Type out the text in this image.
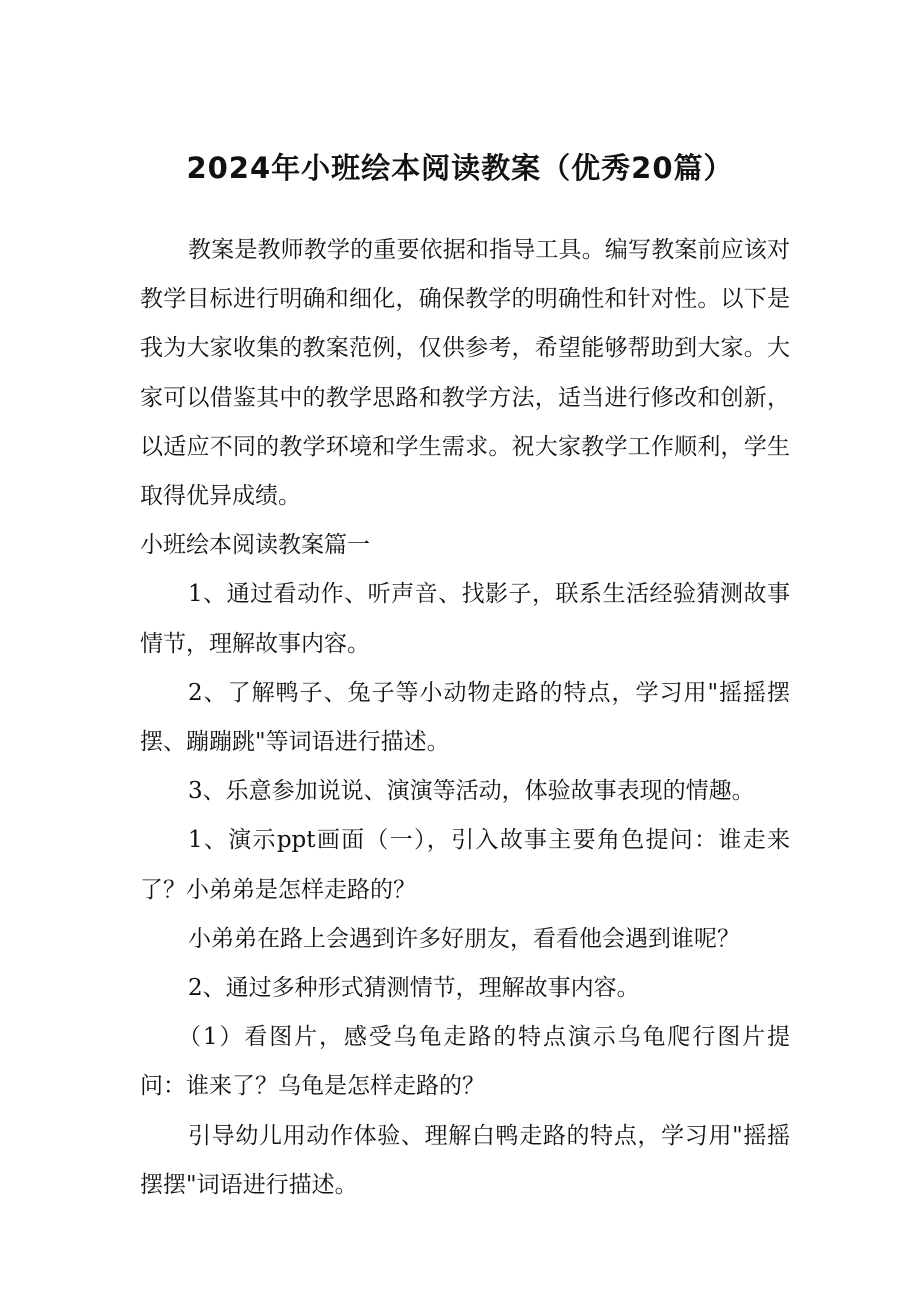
2024年小班绘本阅读教案（优秀20篇）

教案是教师教学的重要依据和指导工具。编写教案前应该对教学目标进行明确和细化，确保教学的明确性和针对性。以下是我为大家收集的教案范例，仅供参考，希望能够帮助到大家。大家可以借鉴其中的教学思路和教学方法，适当进行修改和创新，以适应不同的教学环境和学生需求。祝大家教学工作顺利，学生取得优异成绩。

小班绘本阅读教案篇一

1、通过看动作、听声音、找影子，联系生活经验猜测故事情节，理解故事内容。

2、了解鸭子、兔子等小动物走路的特点，学习用"摇摇摆摆、蹦蹦跳"等词语进行描述。

3、乐意参加说说、演演等活动，体验故事表现的情趣。

1、演示ppt画面（一），引入故事主要角色提问：谁走来了？小弟弟是怎样走路的？

小弟弟在路上会遇到许多好朋友，看看他会遇到谁呢？

2、通过多种形式猜测情节，理解故事内容。

（1）看图片，感受乌龟走路的特点演示乌龟爬行图片提问：谁来了？乌龟是怎样走路的？

引导幼儿用动作体验、理解白鸭走路的特点，学习用"摇摇摆摆"词语进行描述。
